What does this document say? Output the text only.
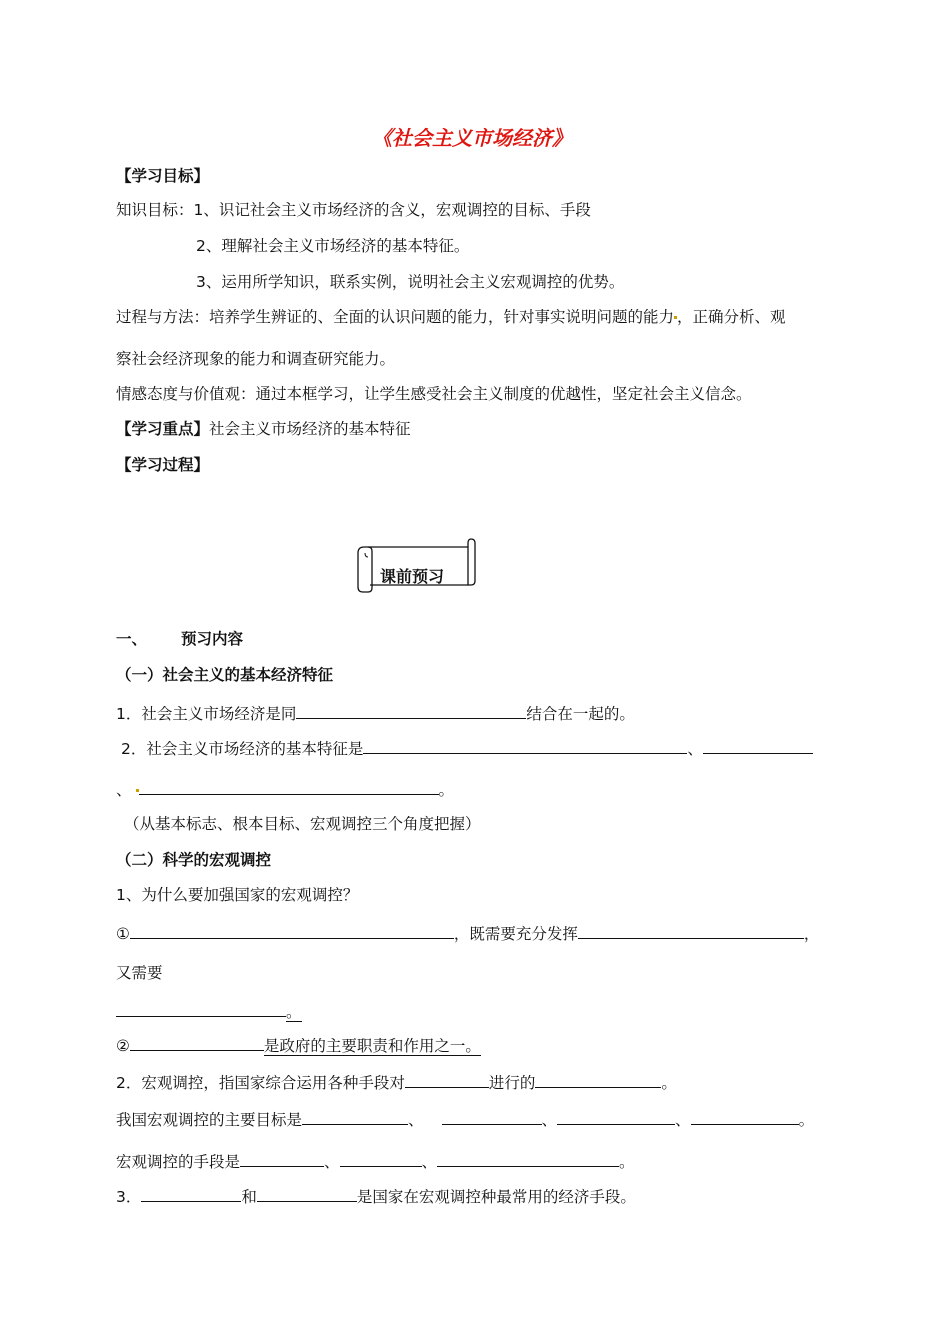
《社会主义市场经济》
【学习目标】
知识目标：1、识记社会主义市场经济的含义，宏观调控的目标、手段
2、理解社会主义市场经济的基本特征。
3、运用所学知识，联系实例，说明社会主义宏观调控的优势。
过程与方法：培养学生辨证的、全面的认识问题的能力，针对事实说明问题的能力 ，正确分析、观
察社会经济现象的能力和调查研究能力。
情感态度与价值观：通过本框学习，让学生感受社会主义制度的优越性，坚定社会主义信念。
【学习重点】社会主义市场经济的基本特征
【学习过程】
课前预习
一、 预习内容
（一）社会主义的基本经济特征
1．社会主义市场经济是同	结合在一起的。
2．社会主义市场经济的基本特征是	、
、	。
（从基本标志、根本目标、宏观调控三个角度把握）
（二）科学的宏观调控
1、为什么要加强国家的宏观调控？
①	，既需要充分发挥	，
又需要
。
②	是政府的主要职责和作用之一。
2．宏观调控，指国家综合运用各种手段对	进行的	。
我国宏观调控的主要目标是	、	、	、	。
宏观调控的手段是	、	、	。
3．	和	是国家在宏观调控种最常用的经济手段。
